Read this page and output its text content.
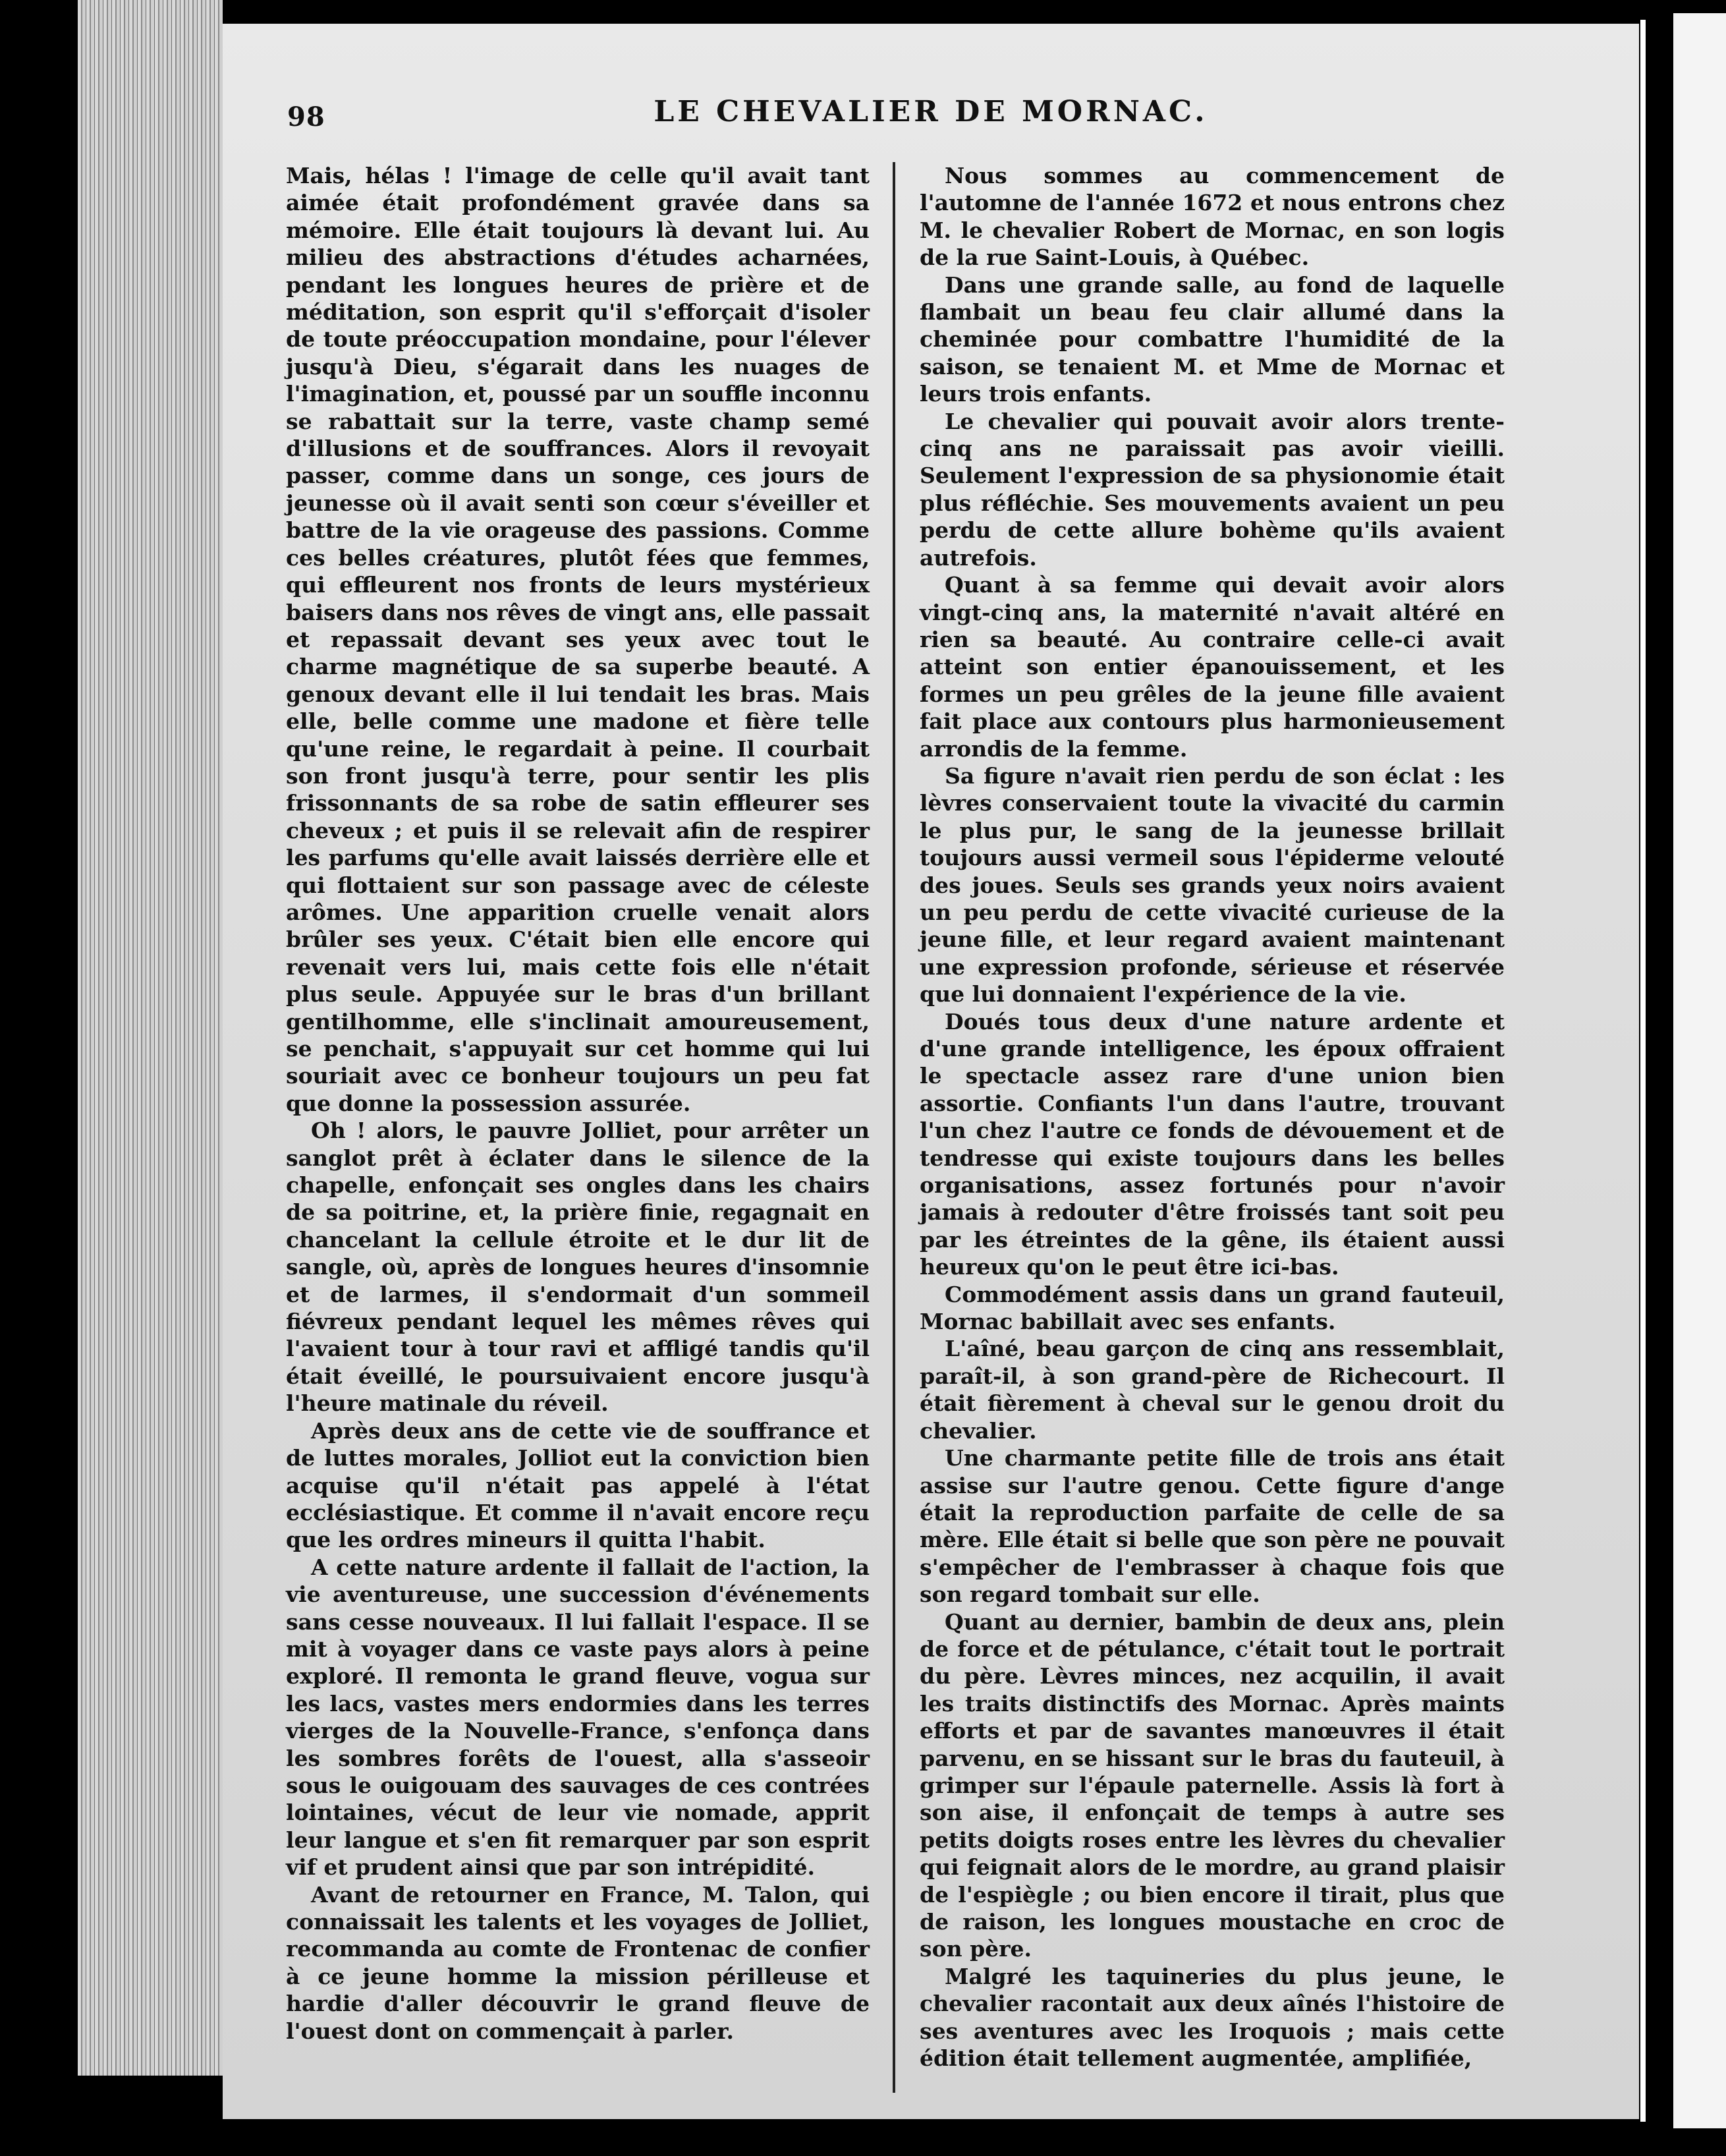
98	LE CHEVALIER DE MORNAC.

Mais, hélas ! l'image de celle qu'il avait tant aimée était profondément gravée dans sa mémoire. Elle était toujours là devant lui. Au milieu des abstractions d'études acharnées, pendant les longues heures de prière et de méditation, son esprit qu'il s'efforçait d'isoler de toute préoccupation mondaine, pour l'élever jusqu'à Dieu, s'égarait dans les nuages de l'imagination, et, poussé par un souffle inconnu se rabattait sur la terre, vaste champ semé d'illusions et de souffrances. Alors il revoyait passer, comme dans un songe, ces jours de jeunesse où il avait senti son cœur s'éveiller et battre de la vie orageuse des passions. Comme ces belles créatures, plutôt fées que femmes, qui effleurent nos fronts de leurs mystérieux baisers dans nos rêves de vingt ans, elle passait et repassait devant ses yeux avec tout le charme magnétique de sa superbe beauté. A genoux devant elle il lui tendait les bras. Mais elle, belle comme une madone et fière telle qu'une reine, le regardait à peine. Il courbait son front jusqu'à terre, pour sentir les plis frissonnants de sa robe de satin effleurer ses cheveux ; et puis il se relevait afin de respirer les parfums qu'elle avait laissés derrière elle et qui flottaient sur son passage avec de céleste arômes. Une apparition cruelle venait alors brûler ses yeux. C'était bien elle encore qui revenait vers lui, mais cette fois elle n'était plus seule. Appuyée sur le bras d'un brillant gentilhomme, elle s'inclinait amoureusement, se penchait, s'appuyait sur cet homme qui lui souriait avec ce bonheur toujours un peu fat que donne la possession assurée.

Oh ! alors, le pauvre Jolliet, pour arrêter un sanglot prêt à éclater dans le silence de la chapelle, enfonçait ses ongles dans les chairs de sa poitrine, et, la prière finie, regagnait en chancelant la cellule étroite et le dur lit de sangle, où, après de longues heures d'insomnie et de larmes, il s'endormait d'un sommeil fiévreux pendant lequel les mêmes rêves qui l'avaient tour à tour ravi et affligé tandis qu'il était éveillé, le poursuivaient encore jusqu'à l'heure matinale du réveil.

Après deux ans de cette vie de souffrance et de luttes morales, Jolliot eut la conviction bien acquise qu'il n'était pas appelé à l'état ecclésiastique. Et comme il n'avait encore reçu que les ordres mineurs il quitta l'habit.

A cette nature ardente il fallait de l'action, la vie aventureuse, une succession d'événements sans cesse nouveaux. Il lui fallait l'espace. Il se mit à voyager dans ce vaste pays alors à peine exploré. Il remonta le grand fleuve, vogua sur les lacs, vastes mers endormies dans les terres vierges de la Nouvelle-France, s'enfonça dans les sombres forêts de l'ouest, alla s'asseoir sous le ouigouam des sauvages de ces contrées lointaines, vécut de leur vie nomade, apprit leur langue et s'en fit remarquer par son esprit vif et prudent ainsi que par son intrépidité.

Avant de retourner en France, M. Talon, qui connaissait les talents et les voyages de Jolliet, recommanda au comte de Frontenac de confier à ce jeune homme la mission périlleuse et hardie d'aller découvrir le grand fleuve de l'ouest dont on commençait à parler.

Nous sommes au commencement de l'automne de l'année 1672 et nous entrons chez M. le chevalier Robert de Mornac, en son logis de la rue Saint-Louis, à Québec.

Dans une grande salle, au fond de laquelle flambait un beau feu clair allumé dans la cheminée pour combattre l'humidité de la saison, se tenaient M. et Mme de Mornac et leurs trois enfants.

Le chevalier qui pouvait avoir alors trente-cinq ans ne paraissait pas avoir vieilli. Seulement l'expression de sa physionomie était plus réfléchie. Ses mouvements avaient un peu perdu de cette allure bohème qu'ils avaient autrefois.

Quant à sa femme qui devait avoir alors vingt-cinq ans, la maternité n'avait altéré en rien sa beauté. Au contraire celle-ci avait atteint son entier épanouissement, et les formes un peu grêles de la jeune fille avaient fait place aux contours plus harmonieusement arrondis de la femme.

Sa figure n'avait rien perdu de son éclat : les lèvres conservaient toute la vivacité du carmin le plus pur, le sang de la jeunesse brillait toujours aussi vermeil sous l'épiderme velouté des joues. Seuls ses grands yeux noirs avaient un peu perdu de cette vivacité curieuse de la jeune fille, et leur regard avaient maintenant une expression profonde, sérieuse et réservée que lui donnaient l'expérience de la vie.

Doués tous deux d'une nature ardente et d'une grande intelligence, les époux offraient le spectacle assez rare d'une union bien assortie. Confiants l'un dans l'autre, trouvant l'un chez l'autre ce fonds de dévouement et de tendresse qui existe toujours dans les belles organisations, assez fortunés pour n'avoir jamais à redouter d'être froissés tant soit peu par les étreintes de la gêne, ils étaient aussi heureux qu'on le peut être ici-bas.

Commodément assis dans un grand fauteuil, Mornac babillait avec ses enfants.

L'aîné, beau garçon de cinq ans ressemblait, paraît-il, à son grand-père de Richecourt. Il était fièrement à cheval sur le genou droit du chevalier.

Une charmante petite fille de trois ans était assise sur l'autre genou. Cette figure d'ange était la reproduction parfaite de celle de sa mère. Elle était si belle que son père ne pouvait s'empêcher de l'embrasser à chaque fois que son regard tombait sur elle.

Quant au dernier, bambin de deux ans, plein de force et de pétulance, c'était tout le portrait du père. Lèvres minces, nez acquilin, il avait les traits distinctifs des Mornac. Après maints efforts et par de savantes manœuvres il était parvenu, en se hissant sur le bras du fauteuil, à grimper sur l'épaule paternelle. Assis là fort à son aise, il enfonçait de temps à autre ses petits doigts roses entre les lèvres du chevalier qui feignait alors de le mordre, au grand plaisir de l'espiègle ; ou bien encore il tirait, plus que de raison, les longues moustache en croc de son père.

Malgré les taquineries du plus jeune, le chevalier racontait aux deux aînés l'histoire de ses aventures avec les Iroquois ; mais cette édition était tellement augmentée, amplifiée,
